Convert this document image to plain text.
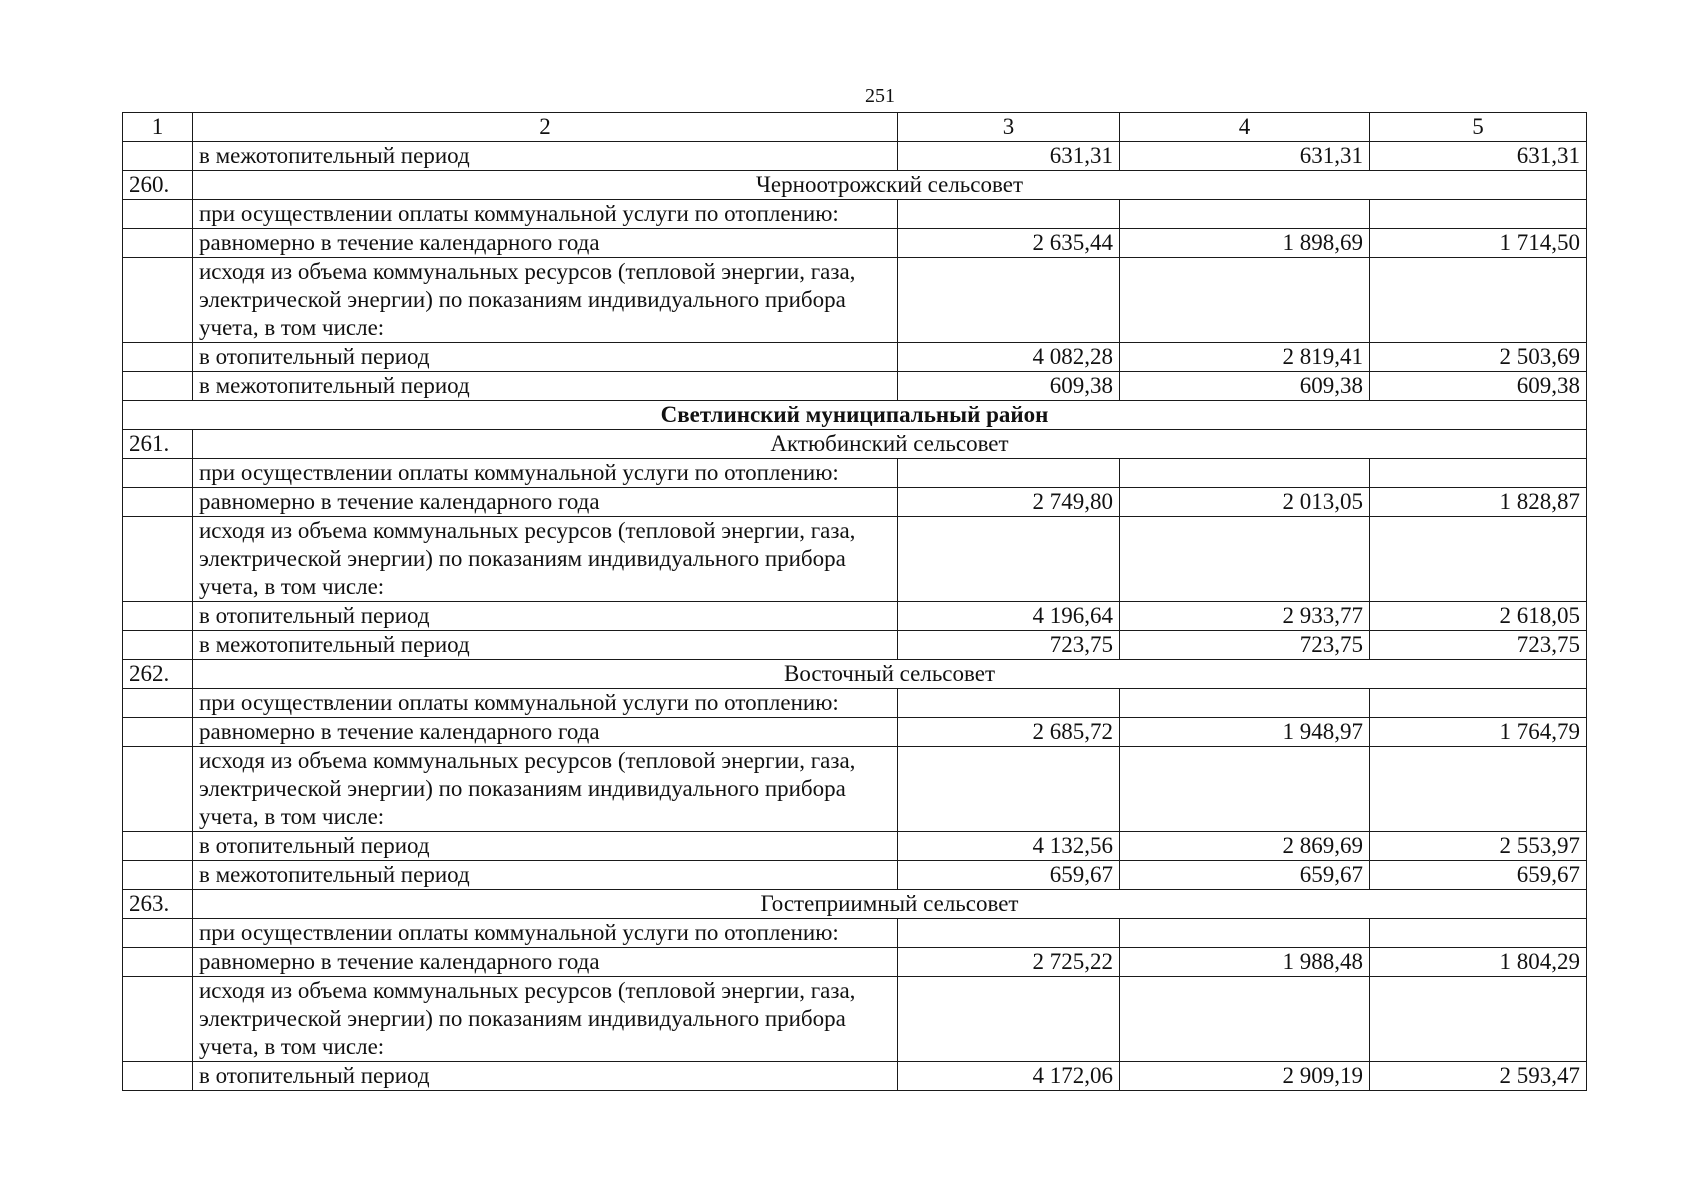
251
1	2	3	4	5
	в межотопительный период	631,31	631,31	631,31
260.	Черноотрожский сельсовет			
	при осуществлении оплаты коммунальной услуги по отоплению:			
	равномерно в течение календарного года	2 635,44	1 898,69	1 714,50
	исходя из объема коммунальных ресурсов (тепловой энергии, газа, электрической энергии) по показаниям индивидуального прибора учета, в том числе:			
	в отопительный период	4 082,28	2 819,41	2 503,69
	в межотопительный период	609,38	609,38	609,38
Светлинский муниципальный район				
261.	Актюбинский сельсовет			
	при осуществлении оплаты коммунальной услуги по отоплению:			
	равномерно в течение календарного года	2 749,80	2 013,05	1 828,87
	исходя из объема коммунальных ресурсов (тепловой энергии, газа, электрической энергии) по показаниям индивидуального прибора учета, в том числе:			
	в отопительный период	4 196,64	2 933,77	2 618,05
	в межотопительный период	723,75	723,75	723,75
262.	Восточный сельсовет			
	при осуществлении оплаты коммунальной услуги по отоплению:			
	равномерно в течение календарного года	2 685,72	1 948,97	1 764,79
	исходя из объема коммунальных ресурсов (тепловой энергии, газа, электрической энергии) по показаниям индивидуального прибора учета, в том числе:			
	в отопительный период	4 132,56	2 869,69	2 553,97
	в межотопительный период	659,67	659,67	659,67
263.	Гостеприимный сельсовет			
	при осуществлении оплаты коммунальной услуги по отоплению:			
	равномерно в течение календарного года	2 725,22	1 988,48	1 804,29
	исходя из объема коммунальных ресурсов (тепловой энергии, газа, электрической энергии) по показаниям индивидуального прибора учета, в том числе:			
	в отопительный период	4 172,06	2 909,19	2 593,47
